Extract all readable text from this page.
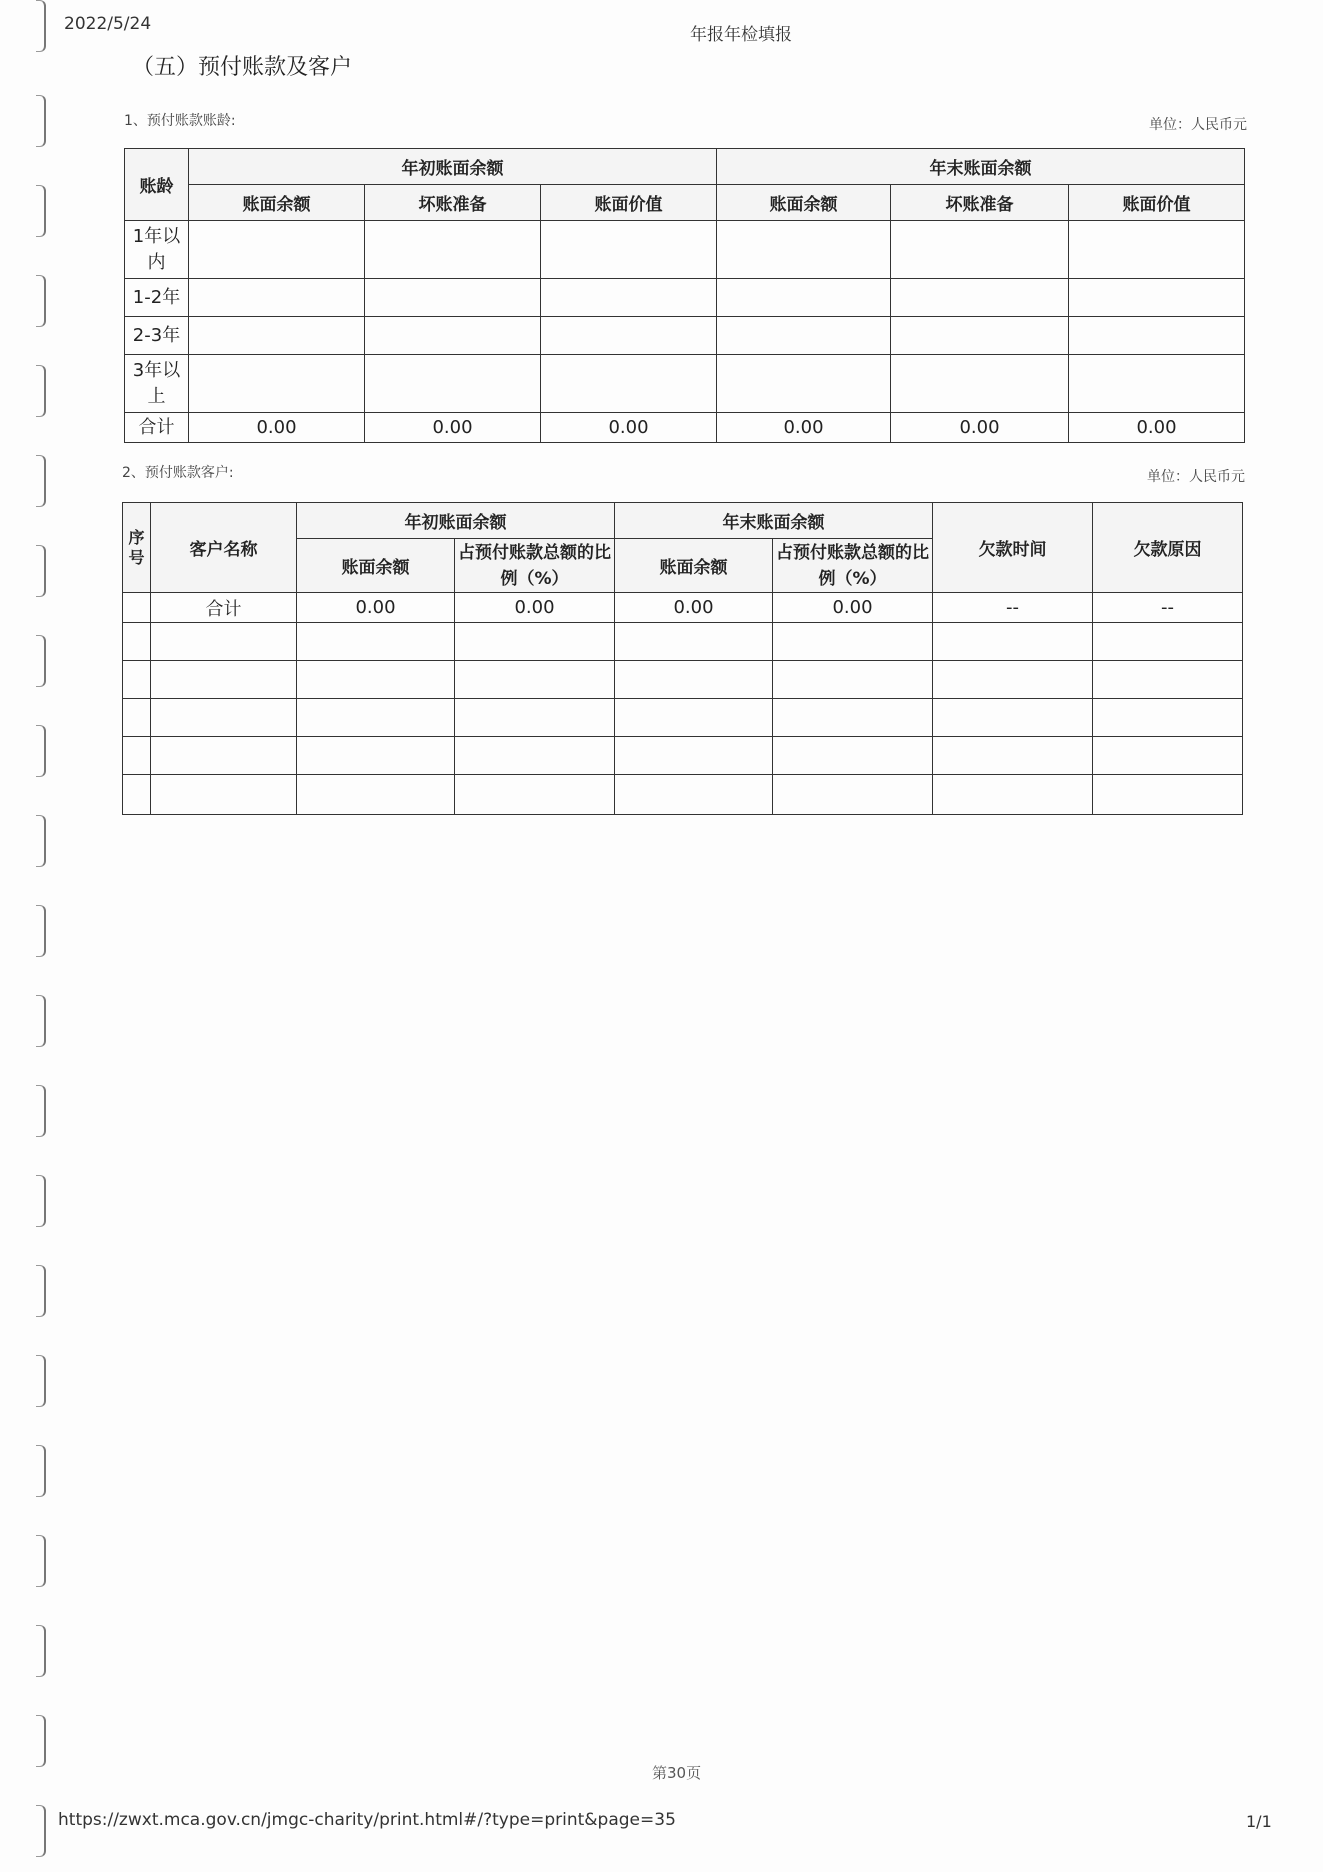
2022/5/24
年报年检填报
（五）预付账款及客户
1、预付账款账龄:	单位：人民币元
账龄	年初账面余额			年末账面余额		
	账面余额	坏账准备	账面价值	账面余额	坏账准备	账面价值
1年以内						
1-2年						
2-3年						
3年以上						
合计	0.00	0.00	0.00	0.00	0.00	0.00
2、预付账款客户:	单位：人民币元
序号	客户名称	年初账面余额		年末账面余额		欠款时间	欠款原因
		账面余额	占预付账款总额的比例（%）	账面余额	占预付账款总额的比例（%）		
	合计	0.00	0.00	0.00	0.00	--	--

第30页
https://zwxt.mca.gov.cn/jmgc-charity/print.html#/?type=print&page=35	1/1
